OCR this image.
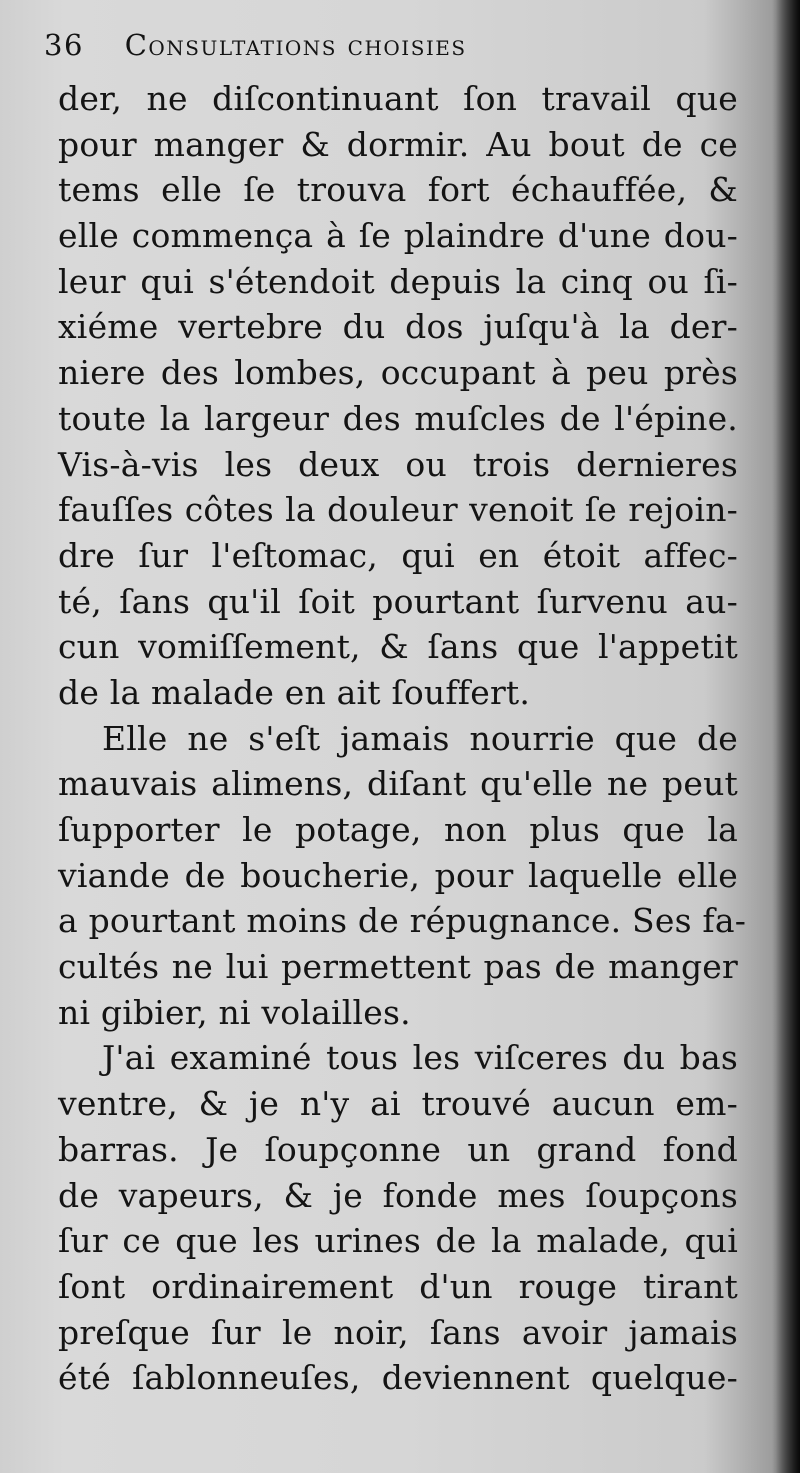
36 Consultations choisies
der, ne diſcontinuant ſon travail que
pour manger & dormir. Au bout de ce
tems elle ſe trouva fort échauffée, &
elle commença à ſe plaindre d'une dou-
leur qui s'étendoit depuis la cinq ou ſi-
xiéme vertebre du dos juſqu'à la der-
niere des lombes, occupant à peu près
toute la largeur des muſcles de l'épine.
Vis-à-vis les deux ou trois dernieres
fauſſes côtes la douleur venoit ſe rejoin-
dre ſur l'eſtomac, qui en étoit affec-
té, ſans qu'il ſoit pourtant ſurvenu au-
cun vomiſſement, & ſans que l'appetit
de la malade en ait ſouffert.
Elle ne s'eſt jamais nourrie que de
mauvais alimens, diſant qu'elle ne peut
ſupporter le potage, non plus que la
viande de boucherie, pour laquelle elle
a pourtant moins de répugnance. Ses fa-
cultés ne lui permettent pas de manger
ni gibier, ni volailles.
J'ai examiné tous les viſceres du bas
ventre, & je n'y ai trouvé aucun em-
barras. Je ſoupçonne un grand fond
de vapeurs, & je fonde mes ſoupçons
ſur ce que les urines de la malade, qui
ſont ordinairement d'un rouge tirant
preſque ſur le noir, ſans avoir jamais
été ſablonneuſes, deviennent quelque-
